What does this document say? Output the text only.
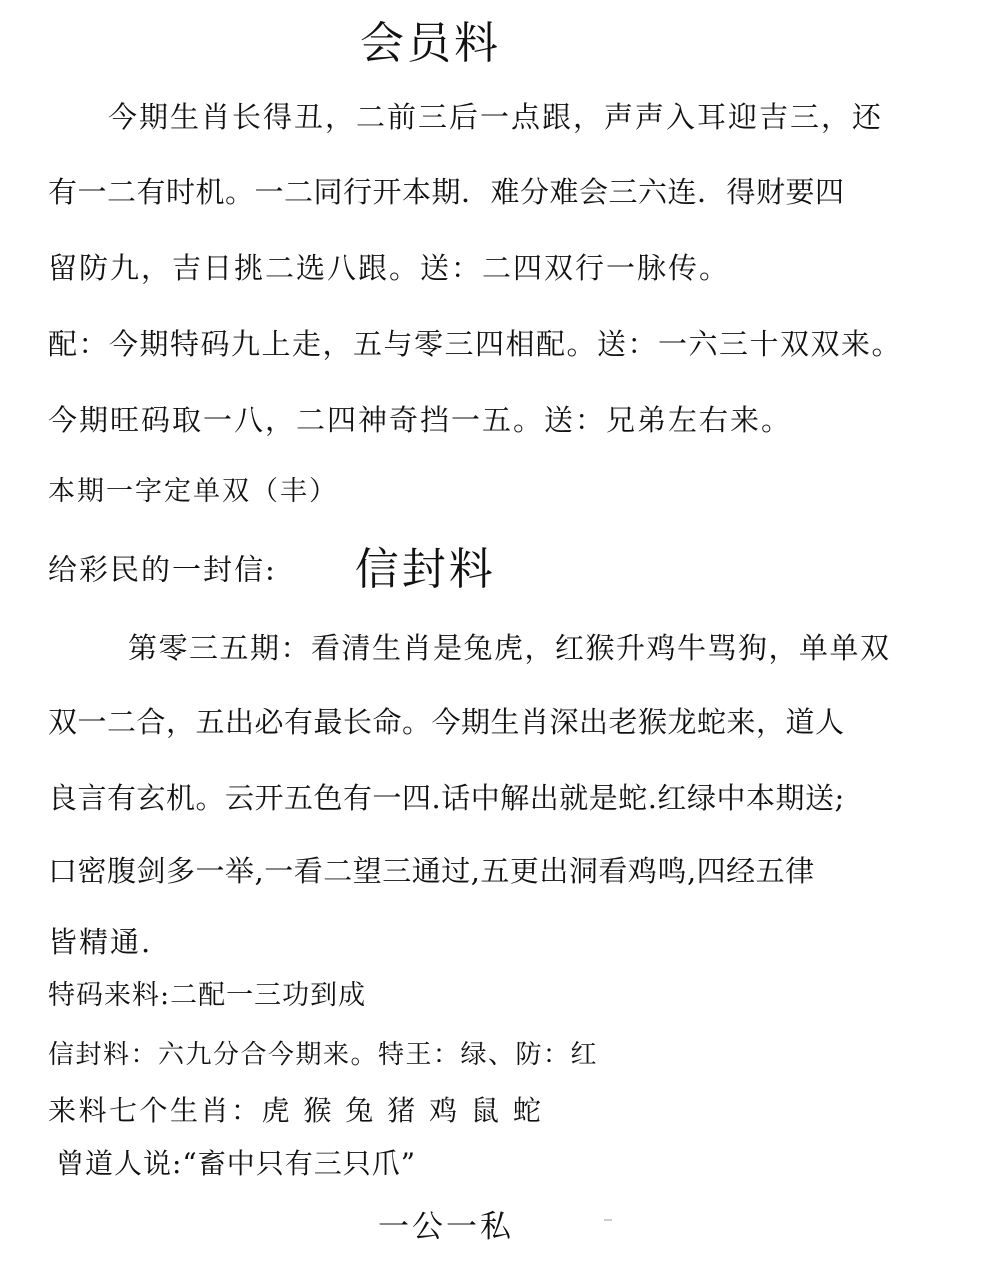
会员料
今期生肖长得丑，二前三后一点跟，声声入耳迎吉三，还
有一二有时机。一二同行开本期．难分难会三六连．得财要四
留防九，吉日挑二选八跟。送：二四双行一脉传。
配：今期特码九上走，五与零三四相配。送：一六三十双双来。
今期旺码取一八，二四神奇挡一五。送：兄弟左右来。
本期一字定单双（丰）
给彩民的一封信: 信封料
第零三五期：看清生肖是兔虎，红猴升鸡牛骂狗，单单双
双一二合，五出必有最长命。今期生肖深出老猴龙蛇来，道人
良言有玄机。云开五色有一四.话中解出就是蛇.红绿中本期送;
口密腹剑多一举,一看二望三通过,五更出洞看鸡鸣,四经五律
皆精通.
特码来料:二配一三功到成
信封料：六九分合今期来。特王：绿、防：红
来料七个生肖：虎 猴 兔 猪 鸡 鼠 蛇
曾道人说:“畜中只有三只爪”
一公一私
